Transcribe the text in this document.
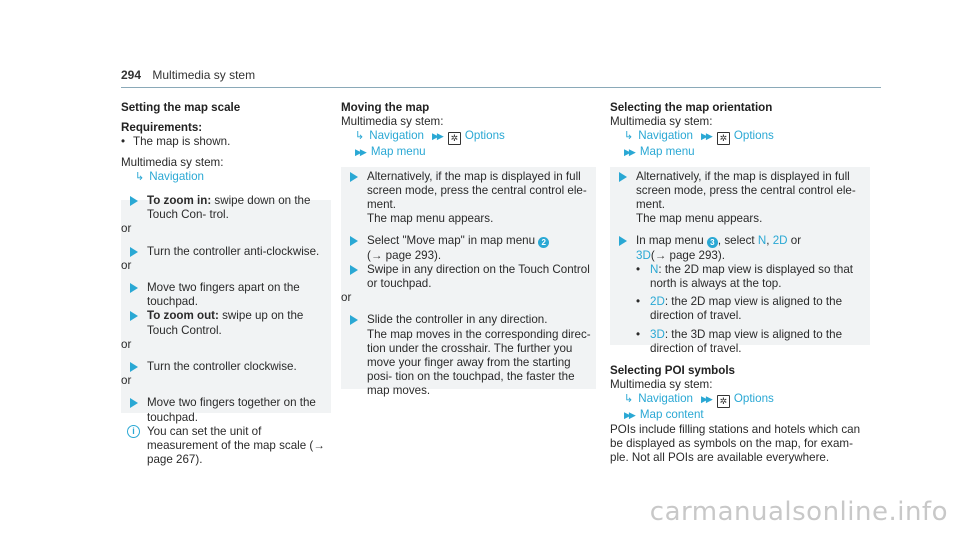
294 Multimedia sy stem
Setting the map scale
Requirements:
• The map is shown.
Multimedia sy stem:
↳ Navigation
To zoom in: swipe down on the Touch Con- trol.
or
Turn the controller anti-clockwise.
or
Move two fingers apart on the touchpad.
To zoom out: swipe up on the Touch Control.
or
Turn the controller clockwise.
or
Move two fingers together on the touchpad.
i	You can set the unit of measurement of the map scale (→ page 267).
Moving the map
Multimedia sy stem:
↳ Navigation ▶▶ ✲ Options
▶▶ Map menu
Alternatively, if the map is displayed in full screen mode, press the central control ele- ment.
The map menu appears.
Select "Move map" in map menu 2
(→ page 293).
Swipe in any direction on the Touch Control or touchpad.
or
Slide the controller in any direction.
The map moves in the corresponding direc- tion under the crosshair. The further you move your finger away from the starting posi- tion on the touchpad, the faster the map moves.
Selecting the map orientation
Multimedia sy stem:
↳ Navigation ▶▶ ✲ Options
▶▶ Map menu
Alternatively, if the map is displayed in full screen mode, press the central control ele- ment.
The map menu appears.
In map menu 3 , select N, 2D or
3D(→ page 293).
• N: the 2D map view is displayed so that north is always at the top.
• 2D: the 2D map view is aligned to the direction of travel.
• 3D: the 3D map view is aligned to the direction of travel.
Selecting POI symbols
Multimedia sy stem:
↳ Navigation ▶▶ ✲ Options
▶▶ Map content
POIs include filling stations and hotels which can be displayed as symbols on the map, for exam- ple. Not all POIs are available everywhere.
carmanualsonline.info
